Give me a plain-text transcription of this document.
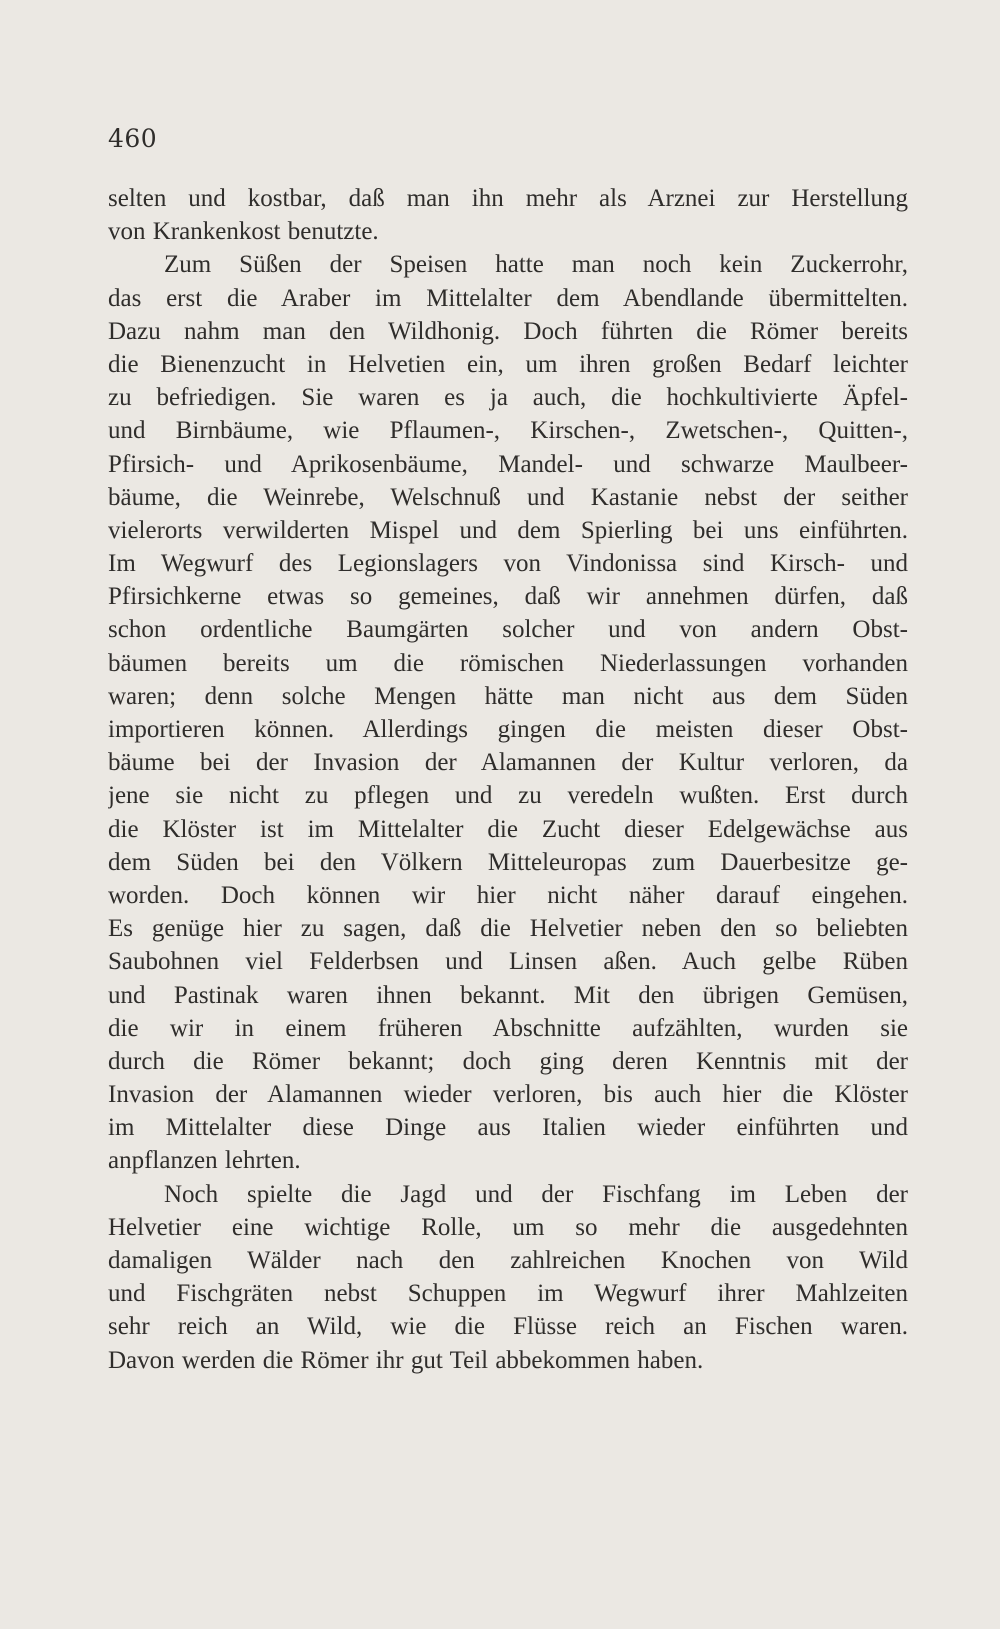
460
selten und kostbar, daß man ihn mehr als Arznei zur Herstellung
von Krankenkost benutzte.
Zum Süßen der Speisen hatte man noch kein Zuckerrohr,
das erst die Araber im Mittelalter dem Abendlande übermittelten.
Dazu nahm man den Wildhonig. Doch führten die Römer bereits
die Bienenzucht in Helvetien ein, um ihren großen Bedarf leichter
zu befriedigen. Sie waren es ja auch, die hochkultivierte Äpfel-
und Birnbäume, wie Pflaumen-, Kirschen-, Zwetschen-, Quitten-,
Pfirsich- und Aprikosenbäume, Mandel- und schwarze Maulbeer-
bäume, die Weinrebe, Welschnuß und Kastanie nebst der seither
vielerorts verwilderten Mispel und dem Spierling bei uns einführten.
Im Wegwurf des Legionslagers von Vindonissa sind Kirsch- und
Pfirsichkerne etwas so gemeines, daß wir annehmen dürfen, daß
schon ordentliche Baumgärten solcher und von andern Obst-
bäumen bereits um die römischen Niederlassungen vorhanden
waren; denn solche Mengen hätte man nicht aus dem Süden
importieren können. Allerdings gingen die meisten dieser Obst-
bäume bei der Invasion der Alamannen der Kultur verloren, da
jene sie nicht zu pflegen und zu veredeln wußten. Erst durch
die Klöster ist im Mittelalter die Zucht dieser Edelgewächse aus
dem Süden bei den Völkern Mitteleuropas zum Dauerbesitze ge-
worden. Doch können wir hier nicht näher darauf eingehen.
Es genüge hier zu sagen, daß die Helvetier neben den so beliebten
Saubohnen viel Felderbsen und Linsen aßen. Auch gelbe Rüben
und Pastinak waren ihnen bekannt. Mit den übrigen Gemüsen,
die wir in einem früheren Abschnitte aufzählten, wurden sie
durch die Römer bekannt; doch ging deren Kenntnis mit der
Invasion der Alamannen wieder verloren, bis auch hier die Klöster
im Mittelalter diese Dinge aus Italien wieder einführten und
anpflanzen lehrten.
Noch spielte die Jagd und der Fischfang im Leben der
Helvetier eine wichtige Rolle, um so mehr die ausgedehnten
damaligen Wälder nach den zahlreichen Knochen von Wild
und Fischgräten nebst Schuppen im Wegwurf ihrer Mahlzeiten
sehr reich an Wild, wie die Flüsse reich an Fischen waren.
Davon werden die Römer ihr gut Teil abbekommen haben.
